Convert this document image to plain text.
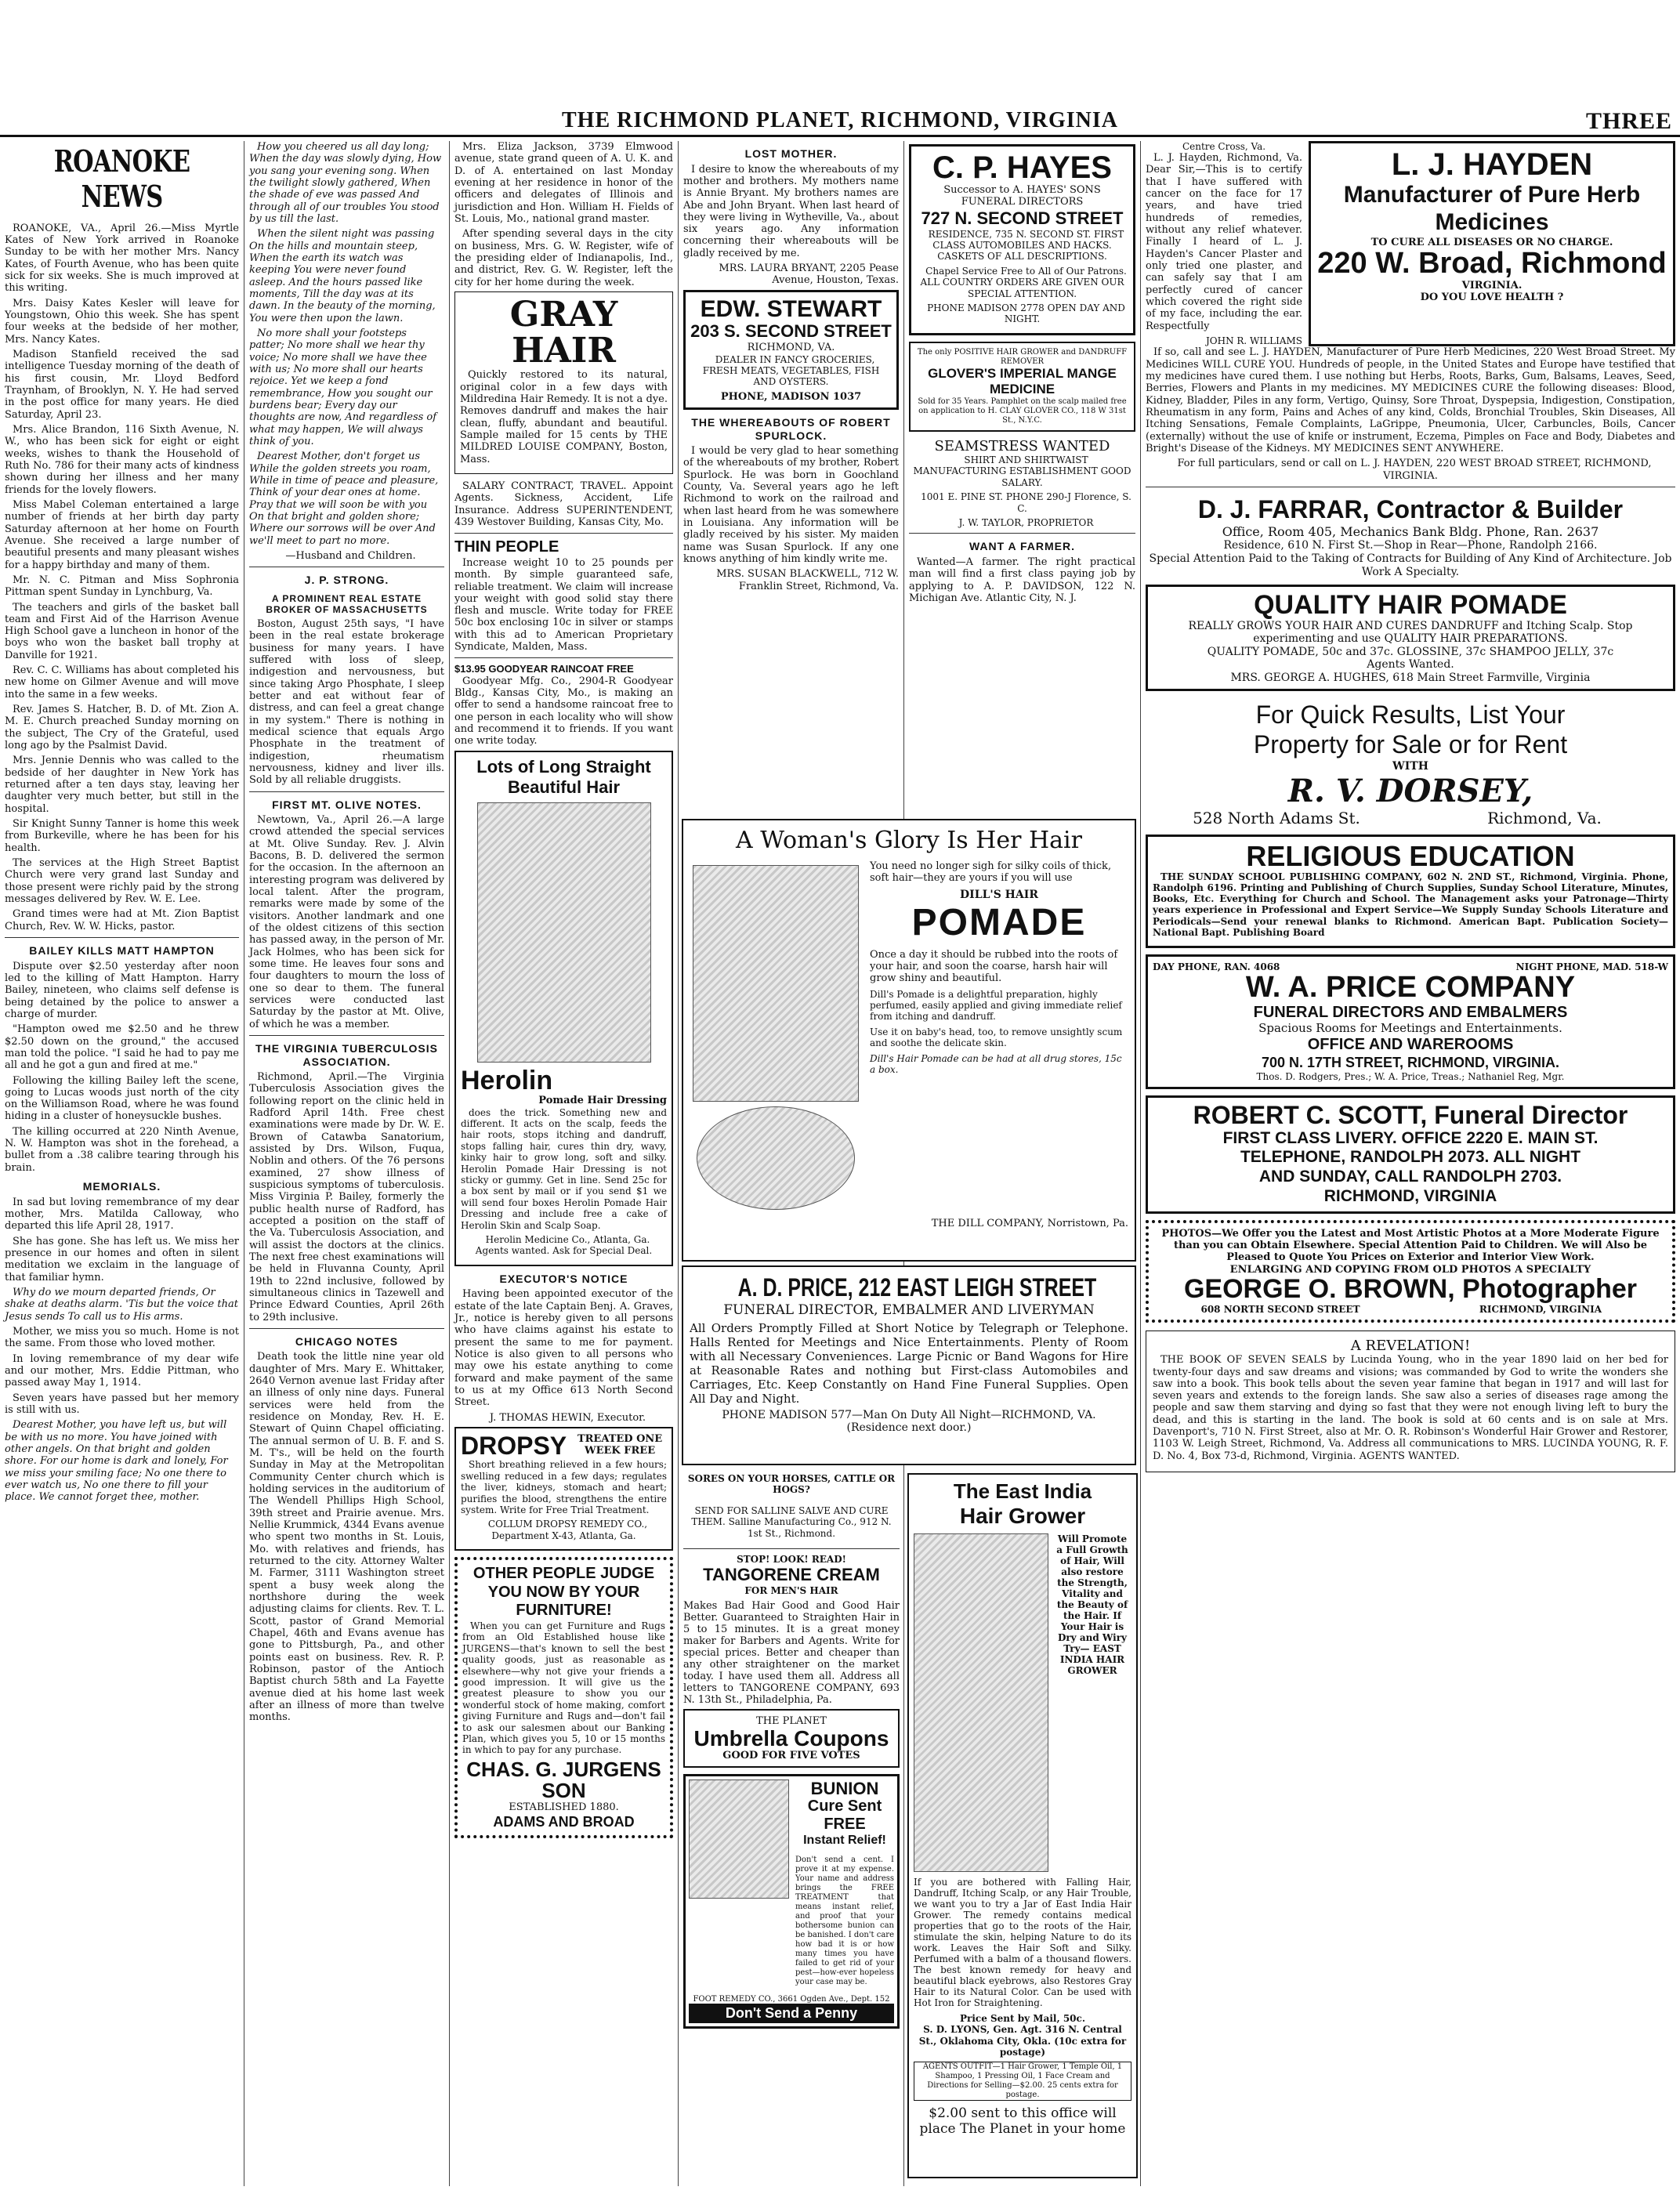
THE RICHMOND PLANET, RICHMOND, VIRGINIA	THREE
ROANOKE NEWS

ROANOKE, VA., April 26.—Miss Myrtle Kates of New York arrived in Roanoke Sunday to be with her mother Mrs. Nancy Kates, of Fourth Avenue, who has been quite sick for six weeks. She is much improved at this writing.

Mrs. Daisy Kates Kesler will leave for Youngstown, Ohio this week. She has spent four weeks at the bedside of her mother, Mrs. Nancy Kates.

Madison Stanfield received the sad intelligence Tuesday morning of the death of his first cousin, Mr. Lloyd Bedford Traynham, of Brooklyn, N. Y. He had served in the post office for many years. He died Saturday, April 23.

Mrs. Alice Brandon, 116 Sixth Avenue, N. W., who has been sick for eight or eight weeks, wishes to thank the Household of Ruth No. 786 for their many acts of kindness shown during her illness and her many friends for the lovely flowers.

Miss Mabel Coleman entertained a large number of friends at her birth day party Saturday afternoon at her home on Fourth Avenue. She received a large number of beautiful presents and many pleasant wishes for a happy birthday and many of them.

Mr. N. C. Pitman and Miss Sophronia Pittman spent Sunday in Lynchburg, Va.

The teachers and girls of the basket ball team and First Aid of the Harrison Avenue High School gave a luncheon in honor of the boys who won the basket ball trophy at Danville for 1921.

Rev. C. C. Williams has about completed his new home on Gilmer Avenue and will move into the same in a few weeks.

Rev. James S. Hatcher, B. D. of Mt. Zion A. M. E. Church preached Sunday morning on the subject, The Cry of the Grateful, used long ago by the Psalmist David.

Mrs. Jennie Dennis who was called to the bedside of her daughter in New York has returned after a ten days stay, leaving her daughter very much better, but still in the hospital.

Sir Knight Sunny Tanner is home this week from Burkeville, where he has been for his health.

The services at the High Street Baptist Church were very grand last Sunday and those present were richly paid by the strong messages delivered by Rev. W. E. Lee.

Grand times were had at Mt. Zion Baptist Church, Rev. W. W. Hicks, pastor.

BAILEY KILLS MATT HAMPTON

Dispute over $2.50 yesterday after noon led to the killing of Matt Hampton. Harry Bailey, nineteen, who claims self defense is being detained by the police to answer a charge of murder.

"Hampton owed me $2.50 and he threw $2.50 down on the ground," the accused man told the police. "I said he had to pay me all and he got a gun and fired at me."

Following the killing Bailey left the scene, going to Lucas woods just north of the city on the Williamson Road, where he was found hiding in a cluster of honeysuckle bushes.

The killing occurred at 220 Ninth Avenue, N. W. Hampton was shot in the forehead, a bullet from a .38 calibre tearing through his brain.

MEMORIALS.

In sad but loving remembrance of my dear mother, Mrs. Matilda Calloway, who departed this life April 28, 1917.

She has gone. She has left us. We miss her presence in our homes and often in silent meditation we exclaim in the language of that familiar hymn.

Why do we mourn departed friends, Or shake at deaths alarm. 'Tis but the voice that Jesus sends To call us to His arms.

Mother, we miss you so much. Home is not the same. From those who loved mother.

In loving remembrance of my dear wife and our mother, Mrs. Eddie Pittman, who passed away May 1, 1914.

Seven years have passed but her memory is still with us.

Dearest Mother, you have left us, but will be with us no more. You have joined with other angels. On that bright and golden shore. For our home is dark and lonely, For we miss your smiling face; No one there to ever watch us, No one there to fill your place. We cannot forget thee, mother.

How you cheered us all day long; When the day was slowly dying, How you sang your evening song. When the twilight slowly gathered, When the shade of eve was passed And through all of our troubles You stood by us till the last.

When the silent night was passing On the hills and mountain steep, When the earth its watch was keeping You were never found asleep. And the hours passed like moments, Till the day was at its dawn. In the beauty of the morning, You were then upon the lawn.

No more shall your footsteps patter; No more shall we hear thy voice; No more shall we have thee with us; No more shall our hearts rejoice. Yet we keep a fond remembrance, How you sought our burdens bear; Every day our thoughts are now, And regardless of what may happen, We will always think of you.

Dearest Mother, don't forget us While the golden streets you roam, While in time of peace and pleasure, Think of your dear ones at home. Pray that we will soon be with you On that bright and golden shore; Where our sorrows will be over And we'll meet to part no more.

—Husband and Children.

J. P. STRONG.
A PROMINENT REAL ESTATE BROKER OF MASSACHUSETTS

Boston, August 25th says, "I have been in the real estate brokerage business for many years. I have suffered with loss of sleep, indigestion and nervousness, but since taking Argo Phosphate, I sleep better and eat without fear of distress, and can feel a great change in my system." There is nothing in medical science that equals Argo Phosphate in the treatment of indigestion, rheumatism nervousness, kidney and liver ills. Sold by all reliable druggists.

FIRST MT. OLIVE NOTES.

Newtown, Va., April 26.—A large crowd attended the special services at Mt. Olive Sunday. Rev. J. Alvin Bacons, B. D. delivered the sermon for the occasion. In the afternoon an interesting program was delivered by local talent. After the program, remarks were made by some of the visitors. Another landmark and one of the oldest citizens of this section has passed away, in the person of Mr. Jack Holmes, who has been sick for some time. He leaves four sons and four daughters to mourn the loss of one so dear to them. The funeral services were conducted last Saturday by the pastor at Mt. Olive, of which he was a member.

THE VIRGINIA TUBERCULOSIS ASSOCIATION.

Richmond, April.—The Virginia Tuberculosis Association gives the following report on the clinic held in Radford April 14th. Free chest examinations were made by Dr. W. E. Brown of Catawba Sanatorium, assisted by Drs. Wilson, Fuqua, Noblin and others. Of the 76 persons examined, 27 show illness of suspicious symptoms of tuberculosis. Miss Virginia P. Bailey, formerly the public health nurse of Radford, has accepted a position on the staff of the Va. Tuberculosis Association, and will assist the doctors at the clinics. The next free chest examinations will be held in Fluvanna County, April 19th to 22nd inclusive, followed by simultaneous clinics in Tazewell and Prince Edward Counties, April 26th to 29th inclusive.

CHICAGO NOTES

Death took the little nine year old daughter of Mrs. Mary E. Whittaker, 2640 Vernon avenue last Friday after an illness of only nine days. Funeral services were held from the residence on Monday, Rev. H. E. Stewart of Quinn Chapel officiating. The annual sermon of U. B. F. and S. M. T's., will be held on the fourth Sunday in May at the Metropolitan Community Center church which is holding services in the auditorium of The Wendell Phillips High School, 39th street and Prairie avenue. Mrs. Nellie Krummick, 4344 Evans avenue who spent two months in St. Louis, Mo. with relatives and friends, has returned to the city. Attorney Walter M. Farmer, 3111 Washington street spent a busy week along the northshore during the week adjusting claims for clients. Rev. T. L. Scott, pastor of Grand Memorial Chapel, 46th and Evans avenue has gone to Pittsburgh, Pa., and other points east on business. Rev. R. P. Robinson, pastor of the Antioch Baptist church 58th and La Fayette avenue died at his home last week after an illness of more than twelve months.

Mrs. Eliza Jackson, 3739 Elmwood avenue, state grand queen of A. U. K. and D. of A. entertained on last Monday evening at her residence in honor of the officers and delegates of Illinois and jurisdiction and Hon. William H. Fields of St. Louis, Mo., national grand master.

After spending several days in the city on business, Mrs. G. W. Register, wife of the presiding elder of Indianapolis, Ind., and district, Rev. G. W. Register, left the city for her home during the week.

GRAY
HAIR

Quickly restored to its natural, original color in a few days with Mildredina Hair Remedy. It is not a dye. Removes dandruff and makes the hair clean, fluffy, abundant and beautiful. Sample mailed for 15 cents by THE MILDRED LOUISE COMPANY, Boston, Mass.

SALARY CONTRACT, TRAVEL. Appoint Agents. Sickness, Accident, Life Insurance. Address SUPERINTENDENT, 439 Westover Building, Kansas City, Mo.

THIN PEOPLE

Increase weight 10 to 25 pounds per month. By simple guaranteed safe, reliable treatment. We claim will increase your weight with good solid stay there flesh and muscle. Write today for FREE 50c box enclosing 10c in silver or stamps with this ad to American Proprietary Syndicate, Malden, Mass.

$13.95 GOODYEAR RAINCOAT FREE

Goodyear Mfg. Co., 2904-R Goodyear Bldg., Kansas City, Mo., is making an offer to send a handsome raincoat free to one person in each locality who will show and recommend it to friends. If you want one write today.

Lots of Long Straight
Beautiful Hair
Herolin
Pomade Hair Dressing

does the trick. Something new and different. It acts on the scalp, feeds the hair roots, stops itching and dandruff, stops falling hair, cures thin dry, wavy, kinky hair to grow long, soft and silky. Herolin Pomade Hair Dressing is not sticky or gummy. Get in line. Send 25c for a box sent by mail or if you send $1 we will send four boxes Herolin Pomade Hair Dressing and include free a cake of Herolin Skin and Scalp Soap.

Herolin Medicine Co., Atlanta, Ga. Agents wanted. Ask for Special Deal.

EXECUTOR'S NOTICE

Having been appointed executor of the estate of the late Captain Benj. A. Graves, Jr., notice is hereby given to all persons who have claims against his estate to present the same to me for payment. Notice is also given to all persons who may owe his estate anything to come forward and make payment of the same to us at my Office 613 North Second Street.

J. THOMAS HEWIN, Executor.

DROPSY	TREATED ONE WEEK FREE

Short breathing relieved in a few hours; swelling reduced in a few days; regulates the liver, kidneys, stomach and heart; purifies the blood, strengthens the entire system. Write for Free Trial Treatment.

COLLUM DROPSY REMEDY CO., Department X-43, Atlanta, Ga.

OTHER PEOPLE JUDGE YOU NOW BY YOUR FURNITURE!

When you can get Furniture and Rugs from an Old Established house like JURGENS—that's known to sell the best quality goods, just as reasonable as elsewhere—why not give your friends a good impression. It will give us the greatest pleasure to show you our wonderful stock of home making, comfort giving Furniture and Rugs and—don't fail to ask our salesmen about our Banking Plan, which gives you 5, 10 or 15 months in which to pay for any purchase.

CHAS. G. JURGENS SON
ESTABLISHED 1880.
ADAMS AND BROAD
LOST MOTHER.

I desire to know the whereabouts of my mother and brothers. My mothers name is Annie Bryant. My brothers names are Abe and John Bryant. When last heard of they were living in Wytheville, Va., about six years ago. Any information concerning their whereabouts will be gladly received by me.

MRS. LAURA BRYANT, 2205 Pease Avenue, Houston, Texas.

EDW. STEWART
203 S. SECOND STREET
RICHMOND, VA.

DEALER IN FANCY GROCERIES, FRESH MEATS, VEGETABLES, FISH AND OYSTERS.

PHONE, MADISON 1037
THE WHEREABOUTS OF ROBERT SPURLOCK.

I would be very glad to hear something of the whereabouts of my brother, Robert Spurlock. He was born in Goochland County, Va. Several years ago he left Richmond to work on the railroad and when last heard from he was somewhere in Louisiana. Any information will be gladly received by his sister. My maiden name was Susan Spurlock. If any one knows anything of him kindly write me.

MRS. SUSAN BLACKWELL, 712 W. Franklin Street, Richmond, Va.

C. P. HAYES
Successor to A. HAYES' SONS FUNERAL DIRECTORS
727 N. SECOND STREET

RESIDENCE, 735 N. SECOND ST. FIRST CLASS AUTOMOBILES AND HACKS. CASKETS OF ALL DESCRIPTIONS.

Chapel Service Free to All of Our Patrons. ALL COUNTRY ORDERS ARE GIVEN OUR SPECIAL ATTENTION.

PHONE MADISON 2778 OPEN DAY AND NIGHT.

The only POSITIVE HAIR GROWER and DANDRUFF REMOVER
GLOVER'S IMPERIAL MANGE MEDICINE
Sold for 35 Years. Pamphlet on the scalp mailed free on application to H. CLAY GLOVER CO., 118 W 31st St., N.Y.C.
SEAMSTRESS WANTED

SHIRT AND SHIRTWAIST MANUFACTURING ESTABLISHMENT GOOD SALARY.

1001 E. PINE ST. PHONE 290-J Florence, S. C.

J. W. TAYLOR, PROPRIETOR

WANT A FARMER.

Wanted—A farmer. The right practical man will find a first class paying job by applying to A. P. DAVIDSON, 122 N. Michigan Ave. Atlantic City, N. J.

A Woman's Glory Is Her Hair

You need no longer sigh for silky coils of thick, soft hair—they are yours if you will use

DILL'S HAIR
POMADE

Once a day it should be rubbed into the roots of your hair, and soon the coarse, harsh hair will grow shiny and beautiful.

Dill's Pomade is a delightful preparation, highly perfumed, easily applied and giving immediate relief from itching and dandruff.

Use it on baby's head, too, to remove unsightly scum and soothe the delicate skin.

Dill's Hair Pomade can be had at all drug stores, 15c a box.

THE DILL COMPANY, Norristown, Pa.
A. D. PRICE, 212 EAST LEIGH STREET
FUNERAL DIRECTOR, EMBALMER AND LIVERYMAN

All Orders Promptly Filled at Short Notice by Telegraph or Telephone. Halls Rented for Meetings and Nice Entertainments. Plenty of Room with all Necessary Conveniences. Large Picnic or Band Wagons for Hire at Reasonable Rates and nothing but First-class Automobiles and Carriages, Etc. Keep Constantly on Hand Fine Funeral Supplies. Open All Day and Night.

PHONE MADISON 577—Man On Duty All Night—RICHMOND, VA. (Residence next door.)
SORES ON YOUR HORSES, CATTLE OR HOGS?

SEND FOR SALLINE SALVE AND CURE THEM. Salline Manufacturing Co., 912 N. 1st St., Richmond.

STOP! LOOK! READ!
TANGORENE CREAM
FOR MEN'S HAIR

Makes Bad Hair Good and Good Hair Better. Guaranteed to Straighten Hair in 5 to 15 minutes. It is a great money maker for Barbers and Agents. Write for special prices. Better and cheaper than any other straightener on the market today. I have used them all. Address all letters to TANGORENE COMPANY, 693 N. 13th St., Philadelphia, Pa.

THE PLANET
Umbrella Coupons
GOOD FOR FIVE VOTES
BUNION
Cure Sent FREE
Instant Relief!

Don't send a cent. I prove it at my expense. Your name and address brings the FREE TREATMENT that means instant relief, and proof that your bothersome bunion can be banished. I don't care how bad it is or how many times you have failed to get rid of your pest—how-ever hopeless your case may be.

FOOT REMEDY CO., 3661 Ogden Ave., Dept. 152
Don't Send a Penny
The East India
Hair Grower
Will Promote a Full Growth of Hair, Will also restore the Strength, Vitality and the Beauty of the Hair. If Your Hair is Dry and Wiry Try— EAST INDIA HAIR GROWER

If you are bothered with Falling Hair, Dandruff, Itching Scalp, or any Hair Trouble, we want you to try a Jar of East India Hair Grower. The remedy contains medical properties that go to the roots of the Hair, stimulate the skin, helping Nature to do its work. Leaves the Hair Soft and Silky. Perfumed with a balm of a thousand flowers. The best known remedy for heavy and beautiful black eyebrows, also Restores Gray Hair to its Natural Color. Can be used with Hot Iron for Straightening.

Price Sent by Mail, 50c.
S. D. LYONS, Gen. Agt. 316 N. Central St., Oklahoma City, Okla. (10c extra for postage)
AGENTS OUTFIT—1 Hair Grower, 1 Temple Oil, 1 Shampoo, 1 Pressing Oil, 1 Face Cream and Directions for Selling—$2.00. 25 cents extra for postage.
$2.00 sent to this office will place The Planet in your home
Centre Cross, Va.

L. J. Hayden, Richmond, Va. Dear Sir,—This is to certify that I have suffered with cancer on the face for 17 years, and have tried hundreds of remedies, without any relief whatever. Finally I heard of L. J. Hayden's Cancer Plaster and only tried one plaster, and can safely say that I am perfectly cured of cancer which covered the right side of my face, including the ear. Respectfully

JOHN R. WILLIAMS
L. J. HAYDEN
Manufacturer of Pure Herb Medicines
TO CURE ALL DISEASES OR NO CHARGE.
220 W. Broad, Richmond
VIRGINIA.
DO YOU LOVE HEALTH ?

If so, call and see L. J. HAYDEN, Manufacturer of Pure Herb Medicines, 220 West Broad Street. My Medicines WILL CURE YOU. Hundreds of people, in the United States and Europe have testified that my medicines have cured them. I use nothing but Herbs, Roots, Barks, Gum, Balsams, Leaves, Seed, Berries, Flowers and Plants in my medicines. MY MEDICINES CURE the following diseases: Blood, Kidney, Bladder, Piles in any form, Vertigo, Quinsy, Sore Throat, Dyspepsia, Indigestion, Constipation, Rheumatism in any form, Pains and Aches of any kind, Colds, Bronchial Troubles, Skin Diseases, All Itching Sensations, Female Complaints, LaGrippe, Pneumonia, Ulcer, Carbuncles, Boils, Cancer (externally) without the use of knife or instrument, Eczema, Pimples on Face and Body, Diabetes and Bright's Disease of the Kidneys. MY MEDICINES SENT ANYWHERE.

For full particulars, send or call on L. J. HAYDEN, 220 WEST BROAD STREET, RICHMOND, VIRGINIA.

D. J. FARRAR, Contractor & Builder
Office, Room 405, Mechanics Bank Bldg. Phone, Ran. 2637
Residence, 610 N. First St.—Shop in Rear—Phone, Randolph 2166.
Special Attention Paid to the Taking of Contracts for Building of Any Kind of Architecture. Job Work A Specialty.
QUALITY HAIR POMADE
REALLY GROWS YOUR HAIR AND CURES DANDRUFF and Itching Scalp. Stop experimenting and use QUALITY HAIR PREPARATIONS.
QUALITY POMADE, 50c and 37c. GLOSSINE, 37c SHAMPOO JELLY, 37c
Agents Wanted.
MRS. GEORGE A. HUGHES, 618 Main Street Farmville, Virginia
For Quick Results, List Your
Property for Sale or for Rent
WITH
R. V. DORSEY,
528 North Adams St.	Richmond, Va.
RELIGIOUS EDUCATION

THE SUNDAY SCHOOL PUBLISHING COMPANY, 602 N. 2ND ST., Richmond, Virginia. Phone, Randolph 6196. Printing and Publishing of Church Supplies, Sunday School Literature, Minutes, Books, Etc. Everything for Church and School. The Management asks your Patronage—Thirty years experience in Professional and Expert Service—We Supply Sunday Schools Literature and Periodicals—Send your renewal blanks to Richmond. American Bapt. Publication Society—National Bapt. Publishing Board

DAY PHONE, RAN. 4068	NIGHT PHONE, MAD. 518-W
W. A. PRICE COMPANY
FUNERAL DIRECTORS AND EMBALMERS
Spacious Rooms for Meetings and Entertainments.
OFFICE AND WAREROOMS
700 N. 17TH STREET, RICHMOND, VIRGINIA.
Thos. D. Rodgers, Pres.; W. A. Price, Treas.; Nathaniel Reg, Mgr.
ROBERT C. SCOTT, Funeral Director
FIRST CLASS LIVERY. OFFICE 2220 E. MAIN ST.
TELEPHONE, RANDOLPH 2073. ALL NIGHT
AND SUNDAY, CALL RANDOLPH 2703.
RICHMOND, VIRGINIA
PHOTOS—We Offer you the Latest and Most Artistic Photos at a More Moderate Figure than you can Obtain Elsewhere. Special Attention Paid to Children. We will Also be Pleased to Quote You Prices on Exterior and Interior View Work.
ENLARGING AND COPYING FROM OLD PHOTOS A SPECIALTY
GEORGE O. BROWN, Photographer
608 NORTH SECOND STREET	RICHMOND, VIRGINIA
A REVELATION!

THE BOOK OF SEVEN SEALS by Lucinda Young, who in the year 1890 laid on her bed for twenty-four days and saw dreams and visions; was commanded by God to write the wonders she saw into a book. This book tells about the seven year famine that began in 1917 and will last for seven years and extends to the foreign lands. She saw also a series of diseases rage among the people and saw them starving and dying so fast that they were not enough living left to bury the dead, and this is starting in the land. The book is sold at 60 cents and is on sale at Mrs. Davenport's, 710 N. First Street, also at Mr. O. R. Robinson's Wonderful Hair Grower and Restorer, 1103 W. Leigh Street, Richmond, Va. Address all communications to MRS. LUCINDA YOUNG, R. F. D. No. 4, Box 73-d, Richmond, Virginia. AGENTS WANTED.
